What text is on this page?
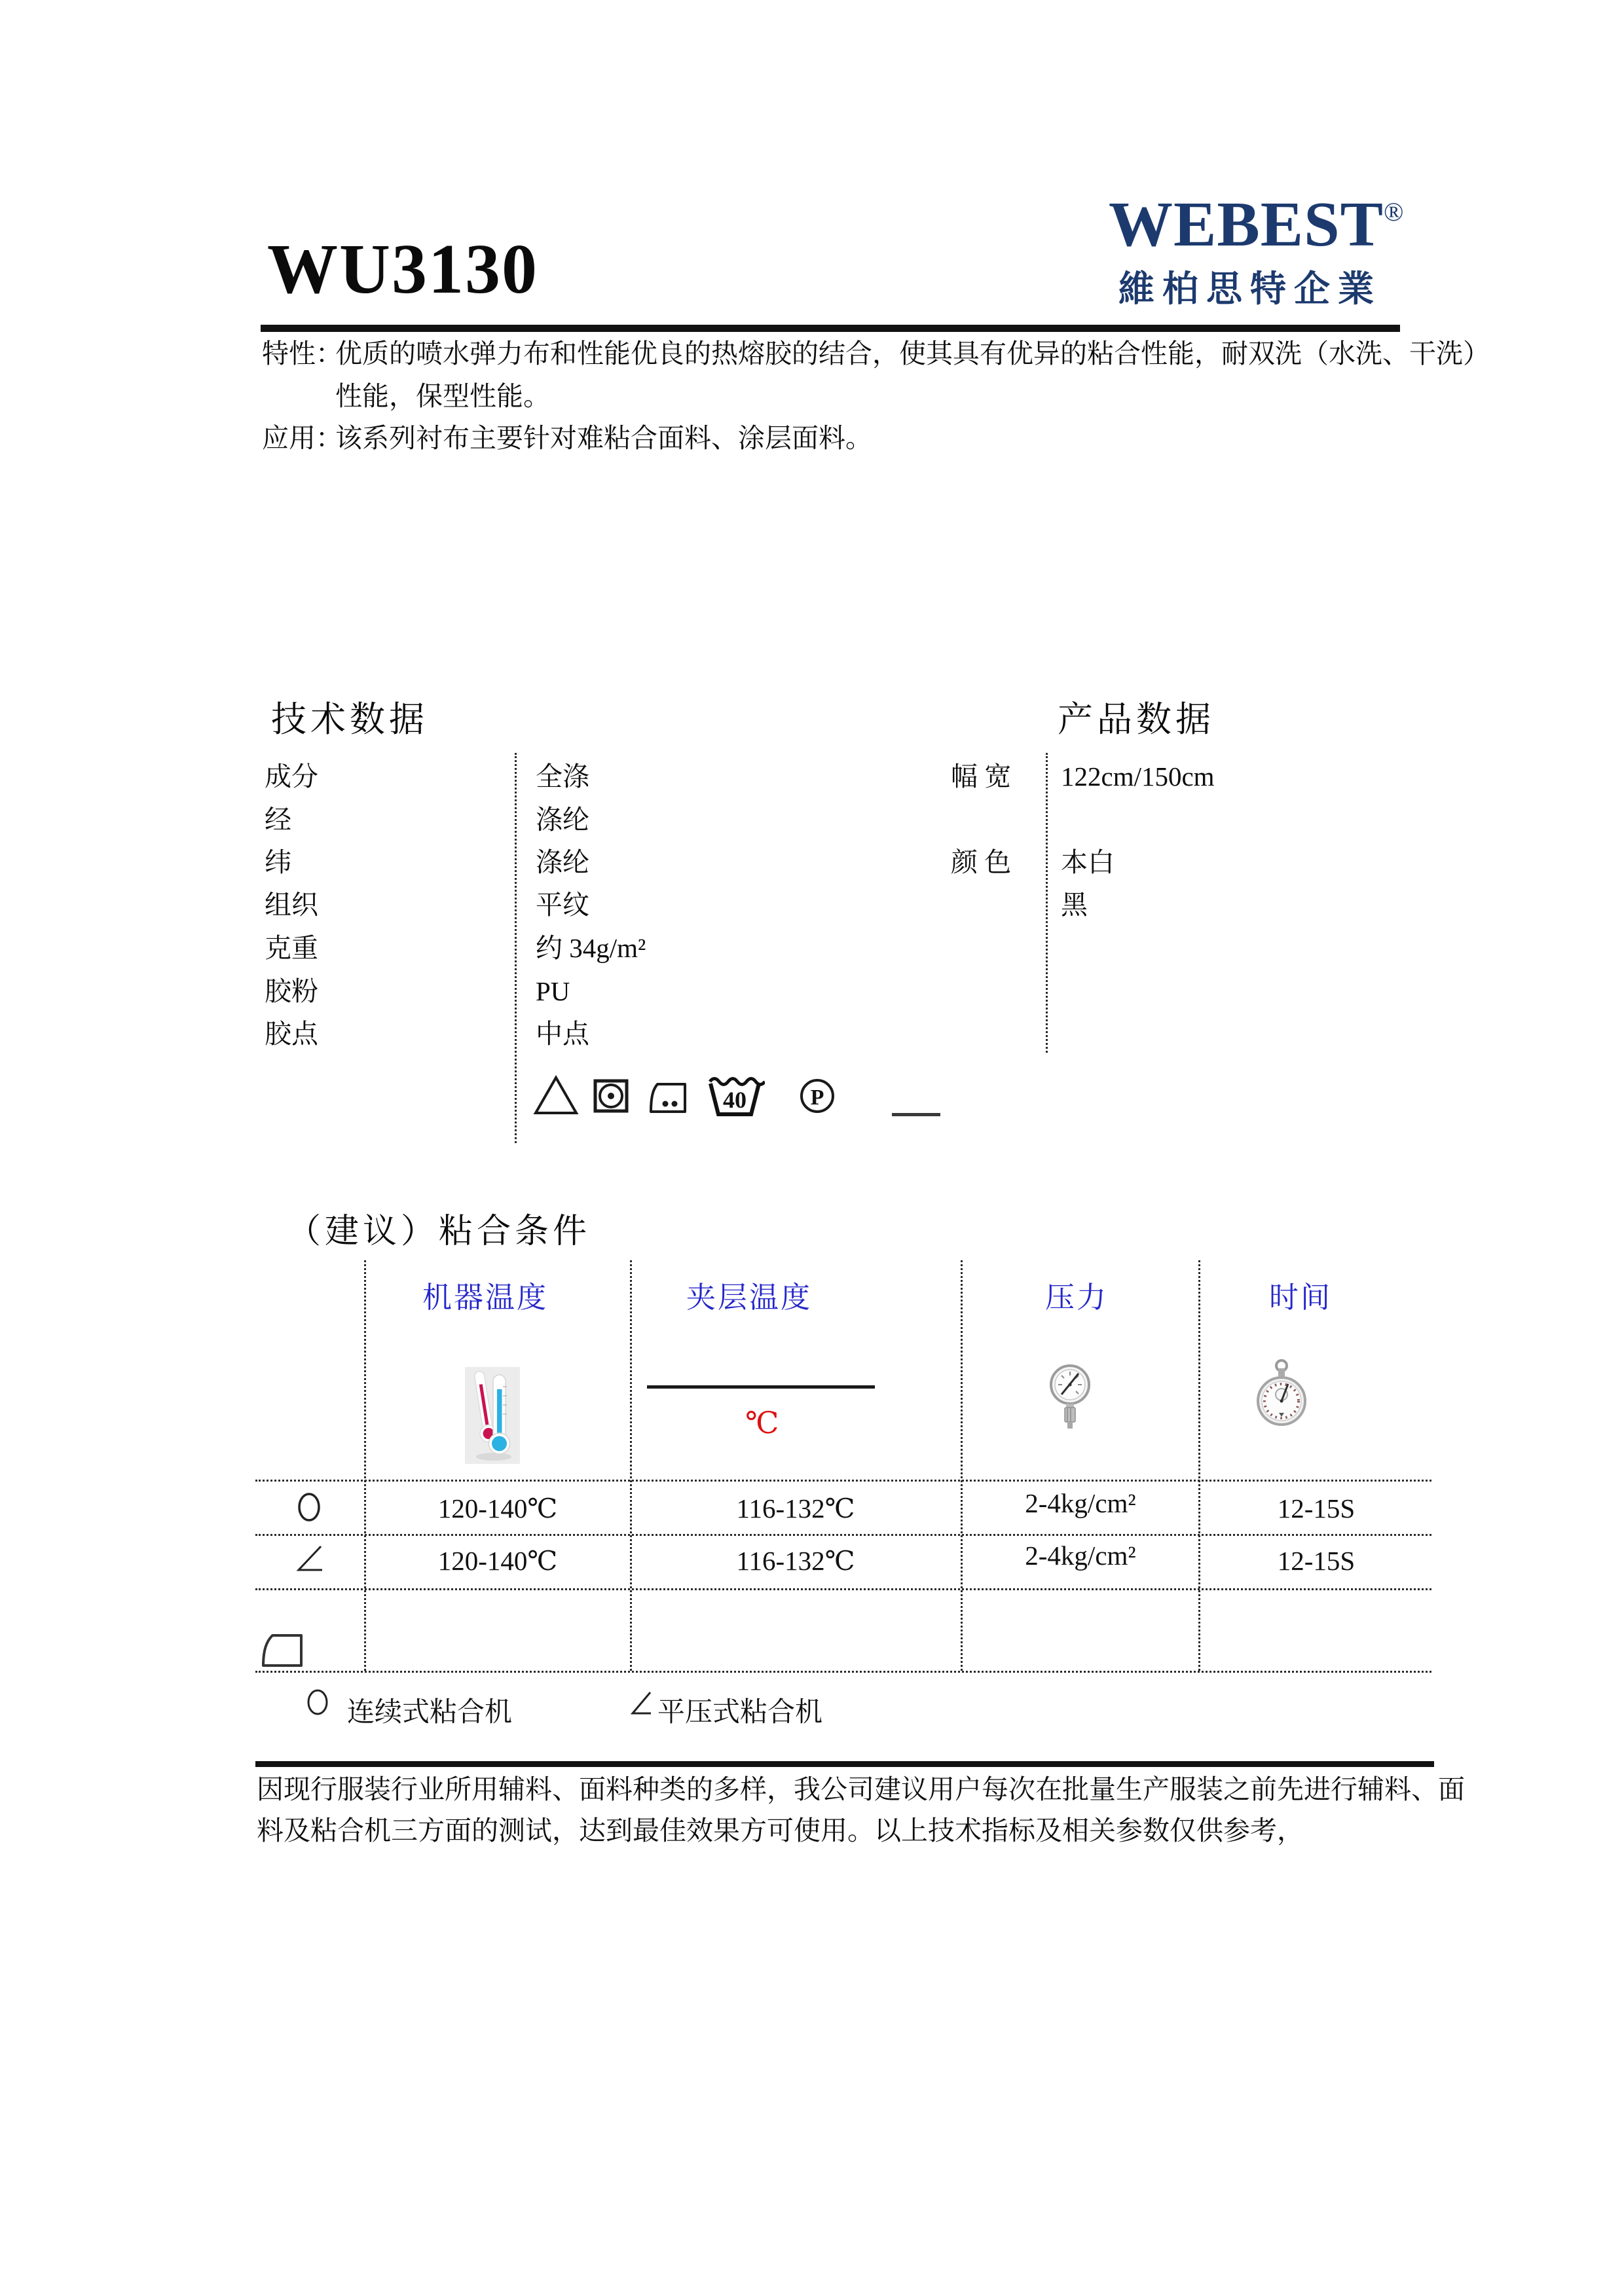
WU3130
WEBEST®
維柏思特企業
特性：
优质的喷水弹力布和性能优良的热熔胶的结合，使其具有优异的粘合性能，耐双洗（水洗、干洗）
性能，保型性能。
应用：
该系列衬布主要针对难粘合面料、涂层面料。
技术数据	产品数据
成分	全涤
经	涤纶
纬	涤纶
组织	平纹
克重	约 34g/m²
胶粉	PU
胶点	中点
幅 宽 122cm/150cm
颜 色 本白
黑
40	P
（建议）粘合条件
机器温度	夹层温度	压力	时间
℃
120-140℃	116-132℃	2-4kg/cm²	12-15S
120-140℃	116-132℃	2-4kg/cm²	12-15S
连续式粘合机	平压式粘合机
因现行服装行业所用辅料、面料种类的多样，我公司建议用户每次在批量生产服装之前先进行辅料、面
料及粘合机三方面的测试，达到最佳效果方可使用。以上技术指标及相关参数仅供参考，
